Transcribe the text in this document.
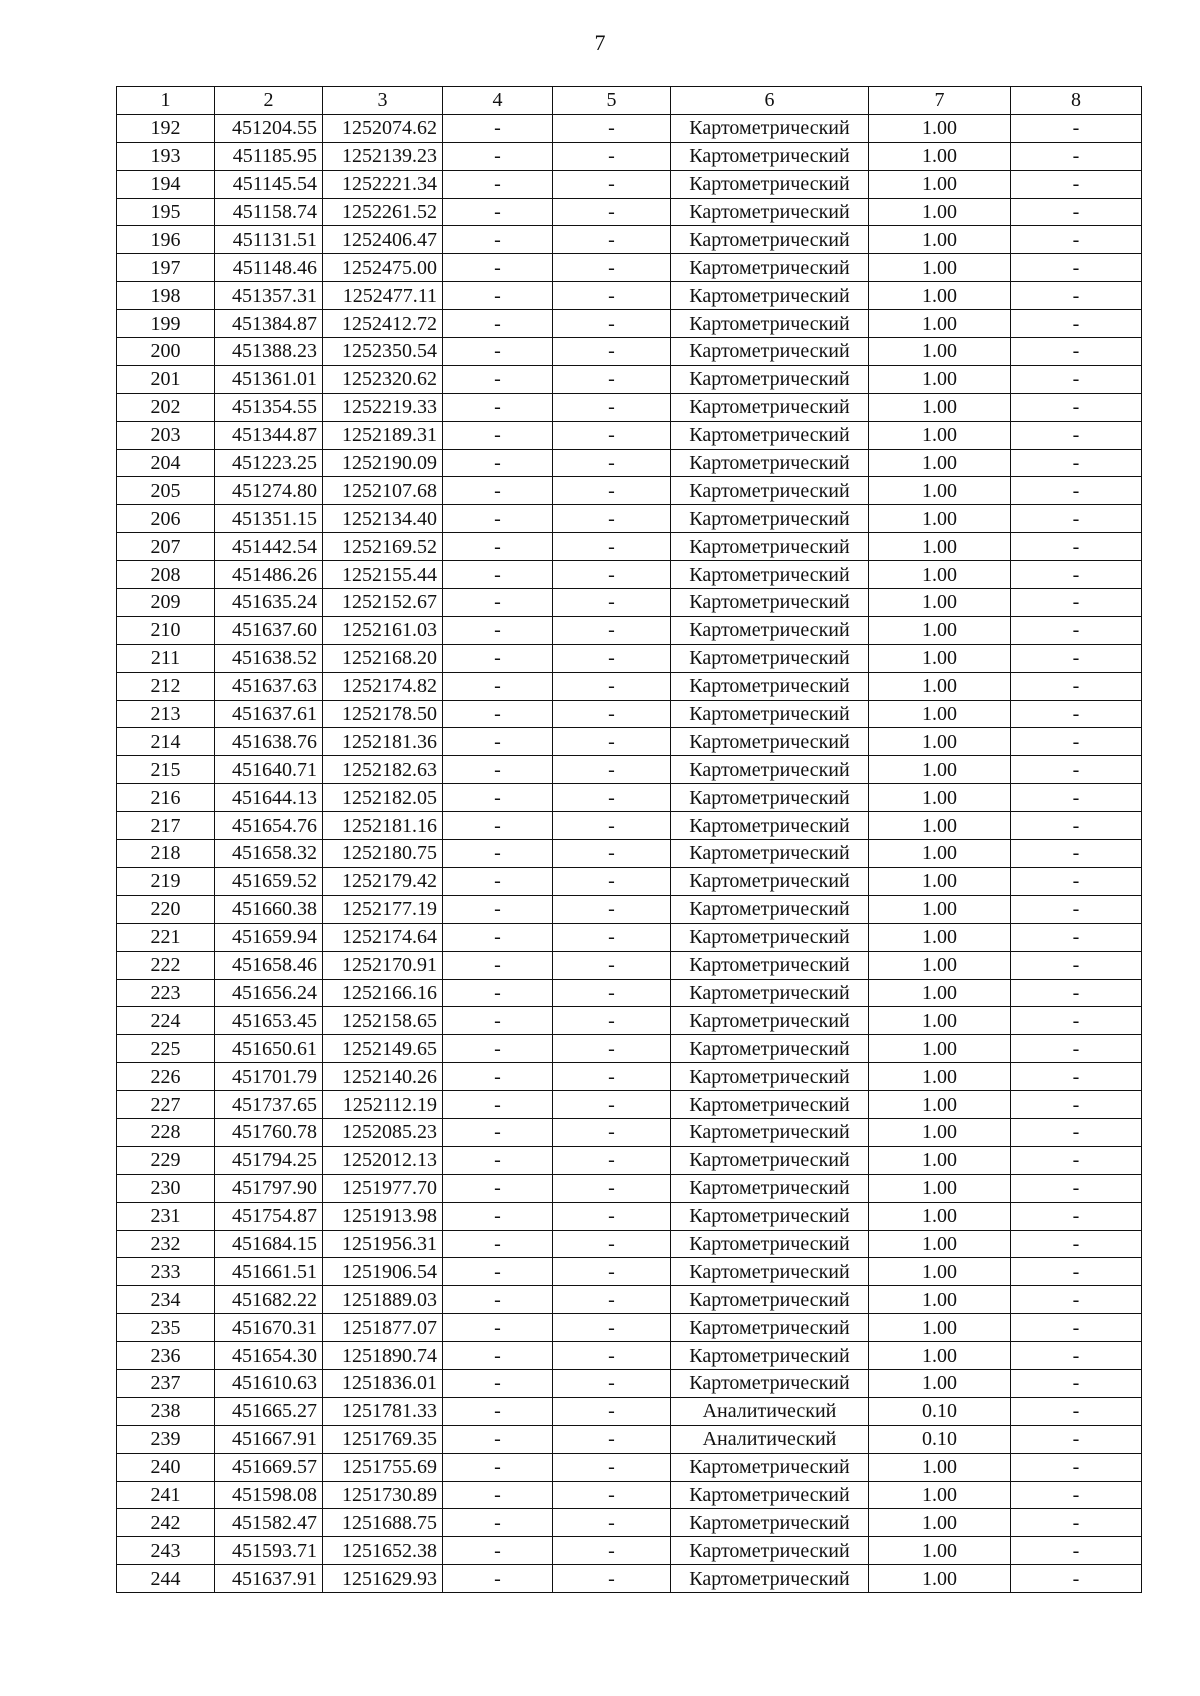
7
1	2	3	4	5	6	7	8
192	451204.55	1252074.62	-	-	Картометрический	1.00	-
193	451185.95	1252139.23	-	-	Картометрический	1.00	-
194	451145.54	1252221.34	-	-	Картометрический	1.00	-
195	451158.74	1252261.52	-	-	Картометрический	1.00	-
196	451131.51	1252406.47	-	-	Картометрический	1.00	-
197	451148.46	1252475.00	-	-	Картометрический	1.00	-
198	451357.31	1252477.11	-	-	Картометрический	1.00	-
199	451384.87	1252412.72	-	-	Картометрический	1.00	-
200	451388.23	1252350.54	-	-	Картометрический	1.00	-
201	451361.01	1252320.62	-	-	Картометрический	1.00	-
202	451354.55	1252219.33	-	-	Картометрический	1.00	-
203	451344.87	1252189.31	-	-	Картометрический	1.00	-
204	451223.25	1252190.09	-	-	Картометрический	1.00	-
205	451274.80	1252107.68	-	-	Картометрический	1.00	-
206	451351.15	1252134.40	-	-	Картометрический	1.00	-
207	451442.54	1252169.52	-	-	Картометрический	1.00	-
208	451486.26	1252155.44	-	-	Картометрический	1.00	-
209	451635.24	1252152.67	-	-	Картометрический	1.00	-
210	451637.60	1252161.03	-	-	Картометрический	1.00	-
211	451638.52	1252168.20	-	-	Картометрический	1.00	-
212	451637.63	1252174.82	-	-	Картометрический	1.00	-
213	451637.61	1252178.50	-	-	Картометрический	1.00	-
214	451638.76	1252181.36	-	-	Картометрический	1.00	-
215	451640.71	1252182.63	-	-	Картометрический	1.00	-
216	451644.13	1252182.05	-	-	Картометрический	1.00	-
217	451654.76	1252181.16	-	-	Картометрический	1.00	-
218	451658.32	1252180.75	-	-	Картометрический	1.00	-
219	451659.52	1252179.42	-	-	Картометрический	1.00	-
220	451660.38	1252177.19	-	-	Картометрический	1.00	-
221	451659.94	1252174.64	-	-	Картометрический	1.00	-
222	451658.46	1252170.91	-	-	Картометрический	1.00	-
223	451656.24	1252166.16	-	-	Картометрический	1.00	-
224	451653.45	1252158.65	-	-	Картометрический	1.00	-
225	451650.61	1252149.65	-	-	Картометрический	1.00	-
226	451701.79	1252140.26	-	-	Картометрический	1.00	-
227	451737.65	1252112.19	-	-	Картометрический	1.00	-
228	451760.78	1252085.23	-	-	Картометрический	1.00	-
229	451794.25	1252012.13	-	-	Картометрический	1.00	-
230	451797.90	1251977.70	-	-	Картометрический	1.00	-
231	451754.87	1251913.98	-	-	Картометрический	1.00	-
232	451684.15	1251956.31	-	-	Картометрический	1.00	-
233	451661.51	1251906.54	-	-	Картометрический	1.00	-
234	451682.22	1251889.03	-	-	Картометрический	1.00	-
235	451670.31	1251877.07	-	-	Картометрический	1.00	-
236	451654.30	1251890.74	-	-	Картометрический	1.00	-
237	451610.63	1251836.01	-	-	Картометрический	1.00	-
238	451665.27	1251781.33	-	-	Аналитический	0.10	-
239	451667.91	1251769.35	-	-	Аналитический	0.10	-
240	451669.57	1251755.69	-	-	Картометрический	1.00	-
241	451598.08	1251730.89	-	-	Картометрический	1.00	-
242	451582.47	1251688.75	-	-	Картометрический	1.00	-
243	451593.71	1251652.38	-	-	Картометрический	1.00	-
244	451637.91	1251629.93	-	-	Картометрический	1.00	-
